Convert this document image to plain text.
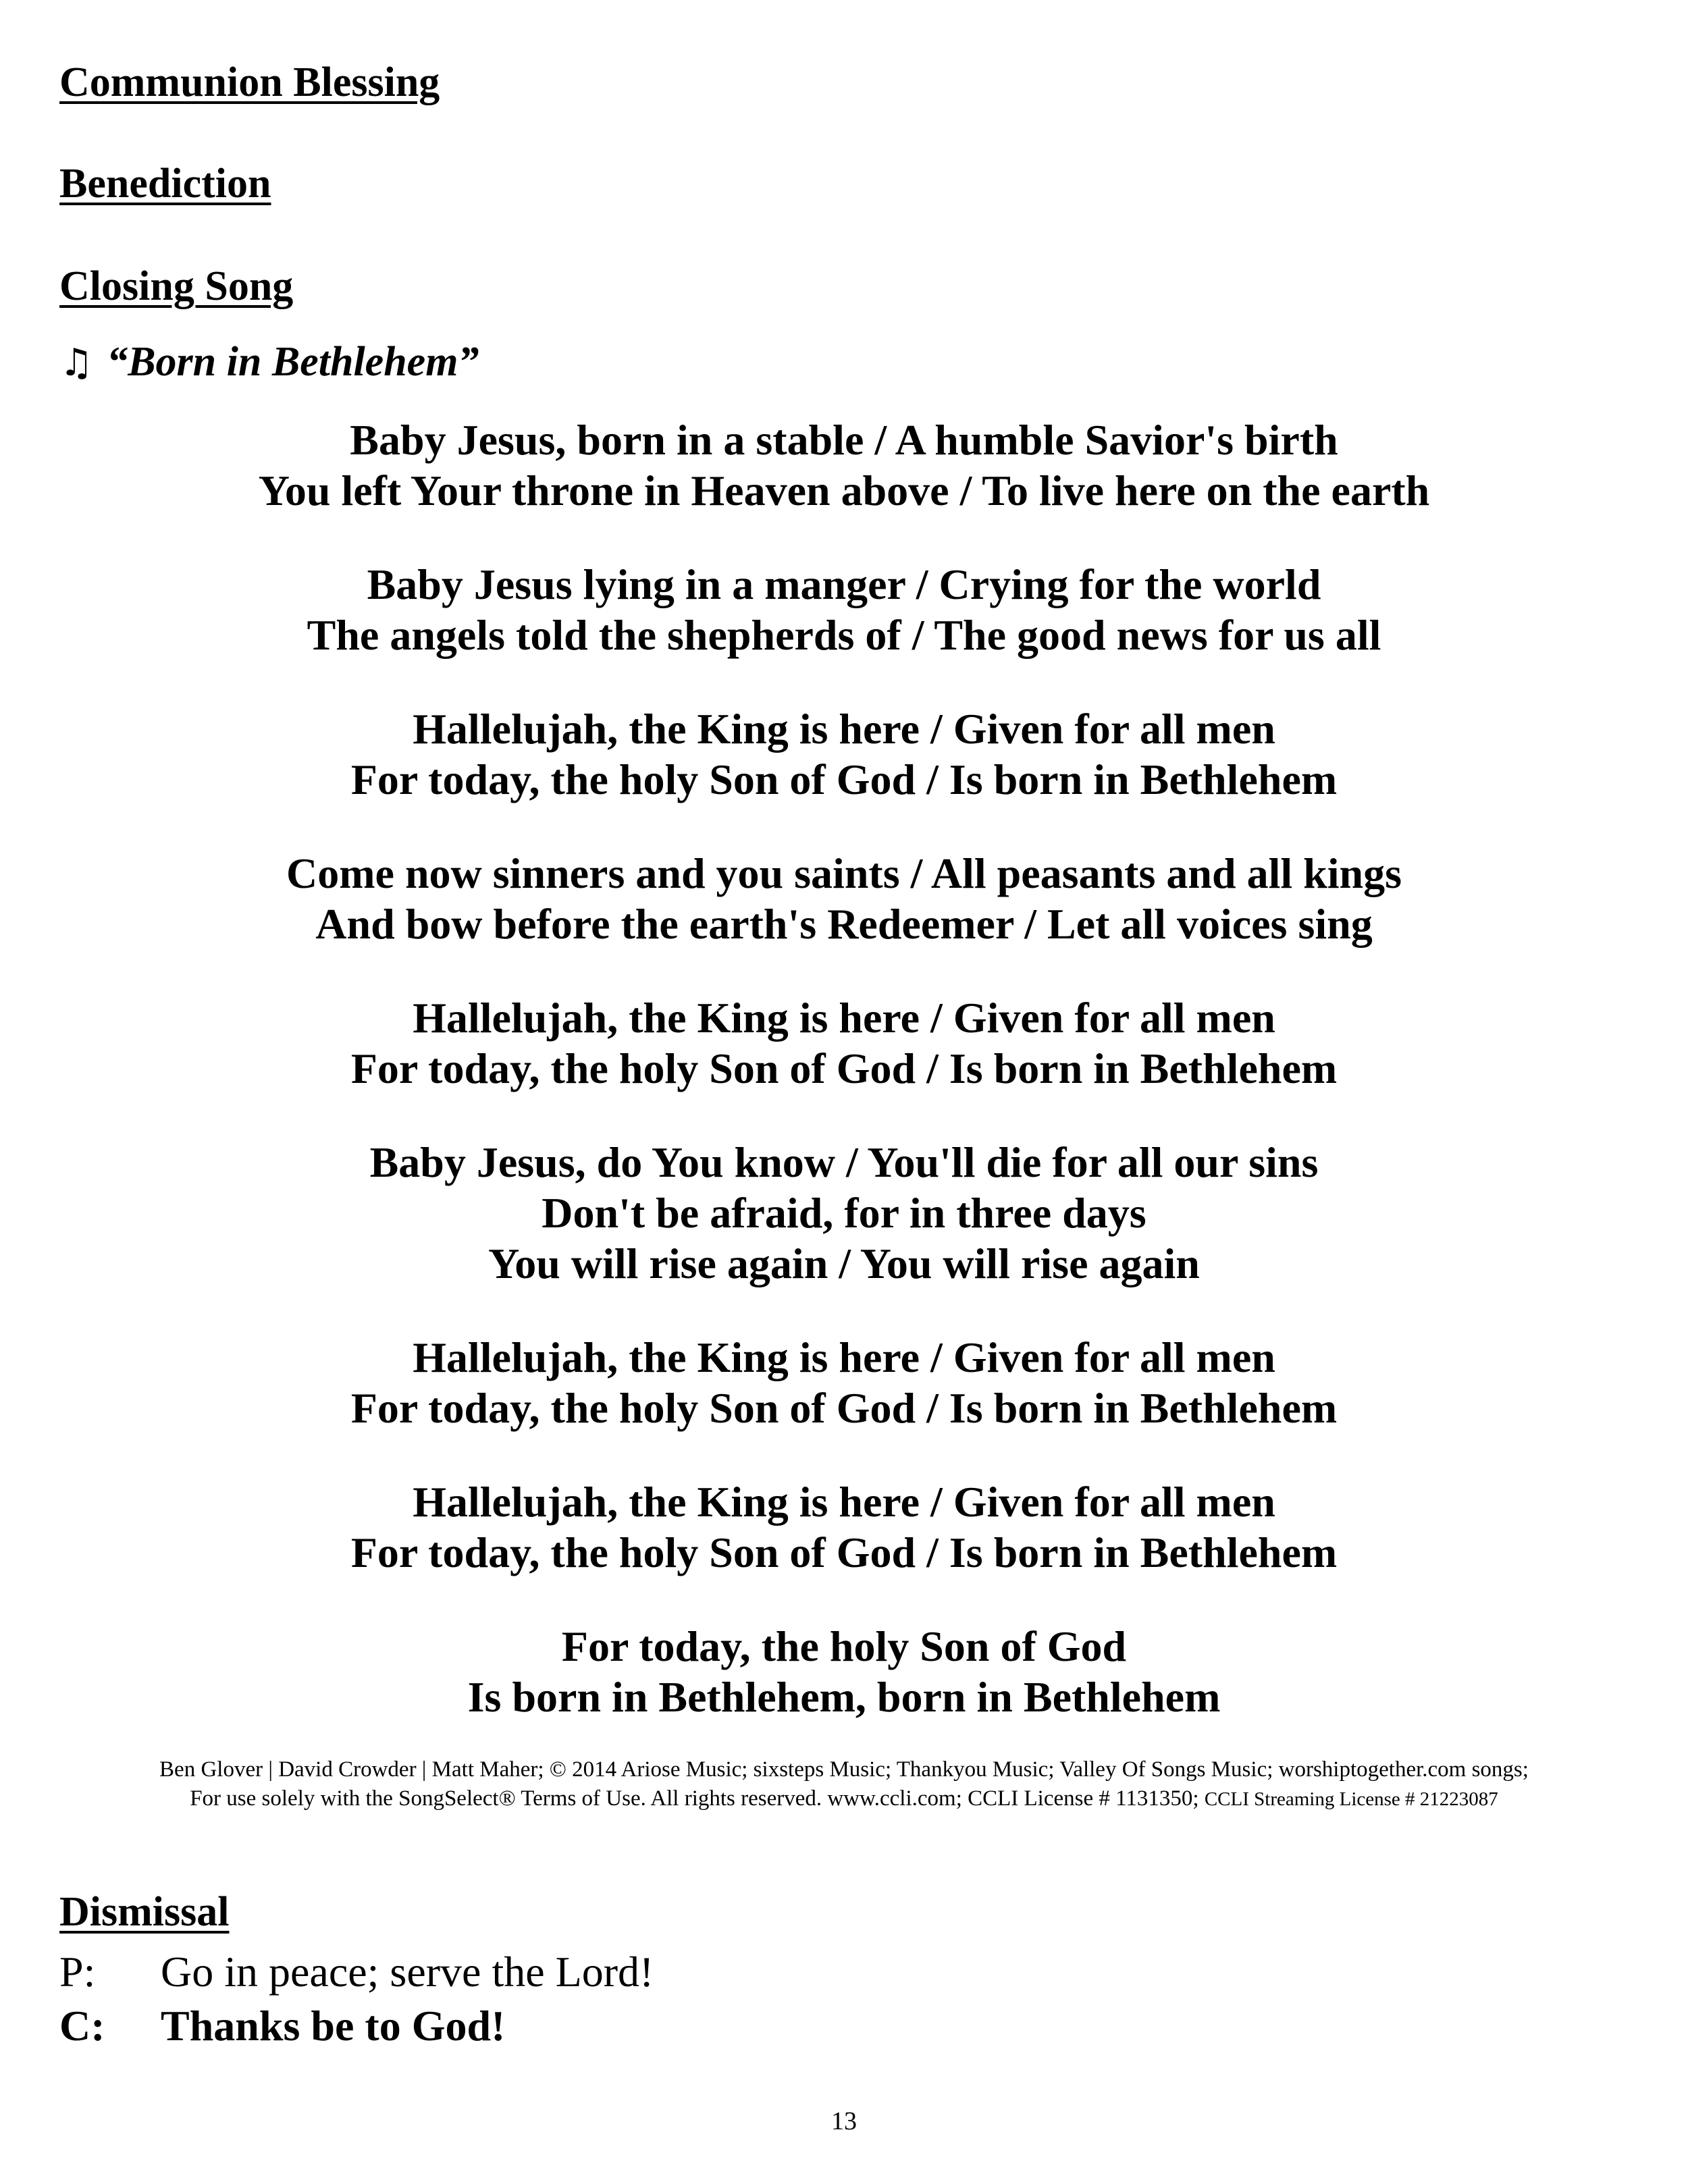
Communion Blessing
Benediction
Closing Song
♫ “Born in Bethlehem”
Baby Jesus, born in a stable / A humble Savior's birth
You left Your throne in Heaven above / To live here on the earth
Baby Jesus lying in a manger / Crying for the world
The angels told the shepherds of / The good news for us all
Hallelujah, the King is here / Given for all men
For today, the holy Son of God / Is born in Bethlehem
Come now sinners and you saints / All peasants and all kings
And bow before the earth's Redeemer / Let all voices sing
Hallelujah, the King is here / Given for all men
For today, the holy Son of God / Is born in Bethlehem
Baby Jesus, do You know / You'll die for all our sins
Don't be afraid, for in three days
You will rise again / You will rise again
Hallelujah, the King is here / Given for all men
For today, the holy Son of God / Is born in Bethlehem
Hallelujah, the King is here / Given for all men
For today, the holy Son of God / Is born in Bethlehem
For today, the holy Son of God
Is born in Bethlehem, born in Bethlehem
Ben Glover | David Crowder | Matt Maher; © 2014 Ariose Music; sixsteps Music; Thankyou Music; Valley Of Songs Music; worshiptogether.com songs;
For use solely with the SongSelect® Terms of Use. All rights reserved. www.ccli.com; CCLI License # 1131350; CCLI Streaming License # 21223087
Dismissal
P: Go in peace; serve the Lord!
C: Thanks be to God!
13
